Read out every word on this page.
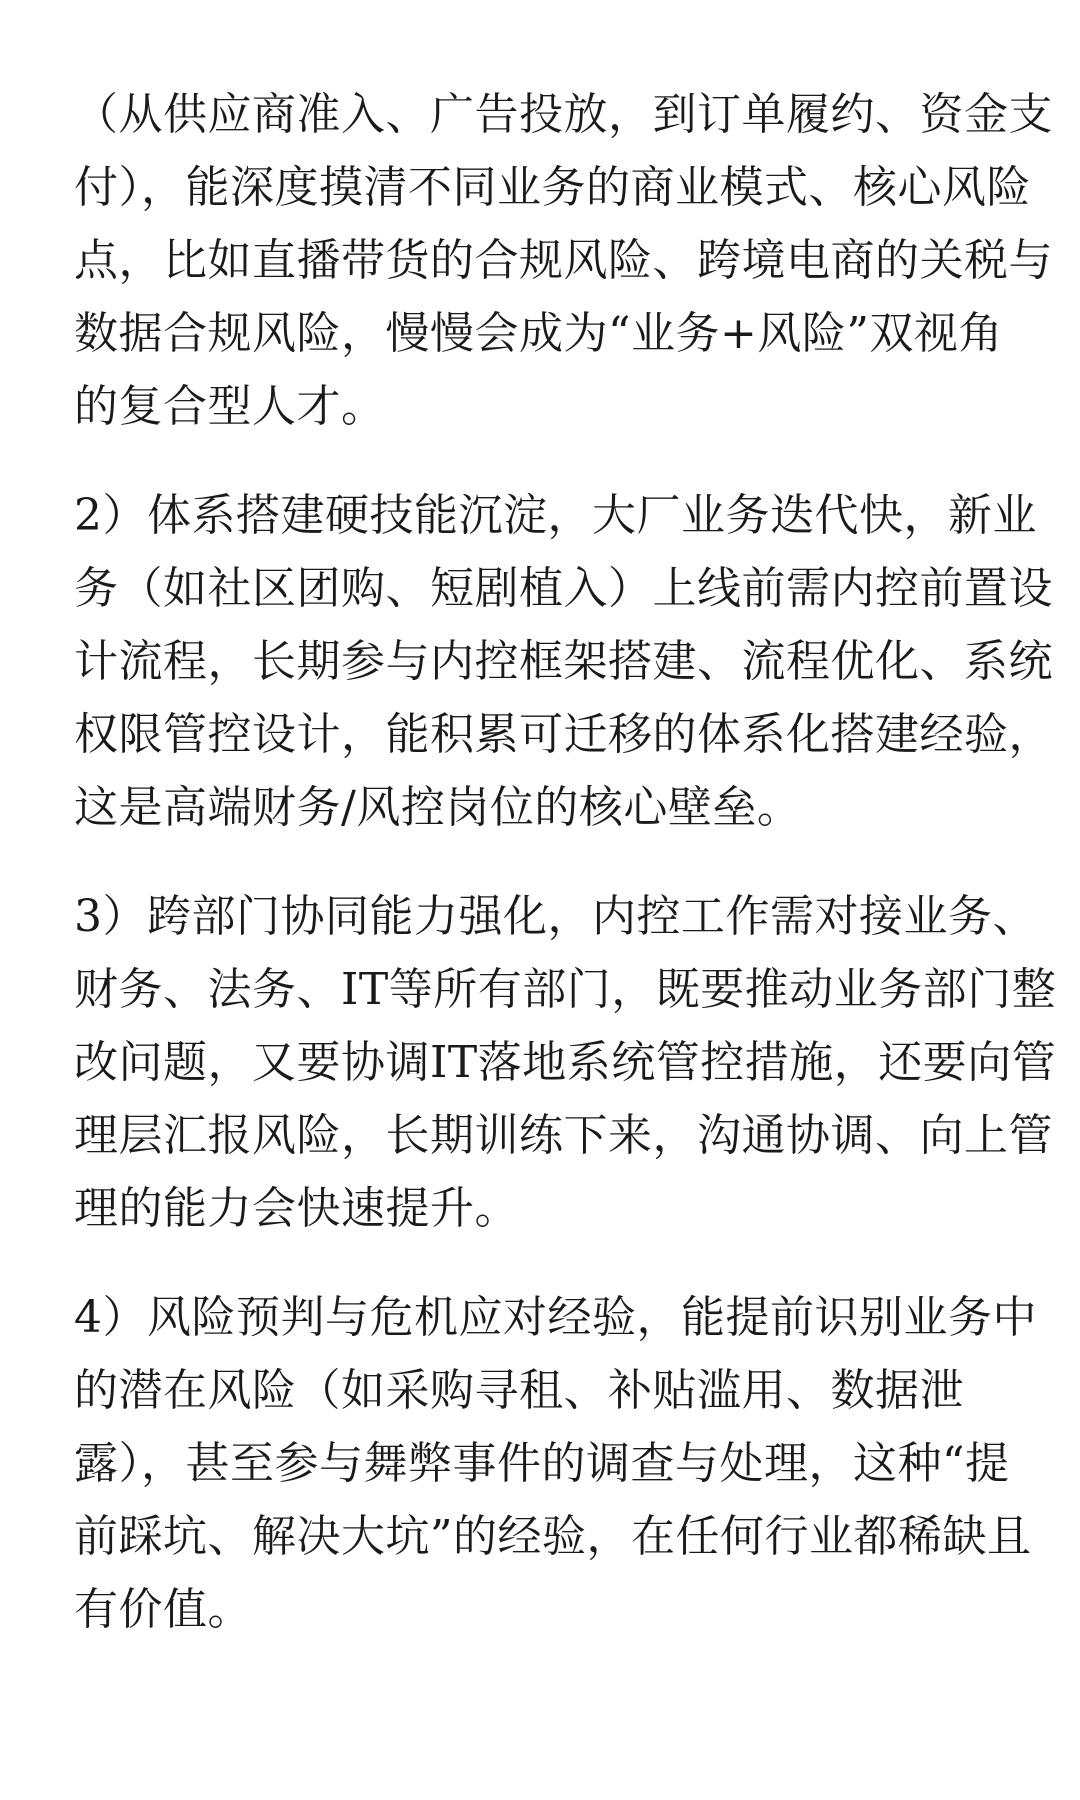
（从供应商准入、广告投放，到订单履约、资金支
付），能深度摸清不同业务的商业模式、核心风险
点，比如直播带货的合规风险、跨境电商的关税与
数据合规风险，慢慢会成为“业务+风险”双视角
的复合型人才。
2）体系搭建硬技能沉淀，大厂业务迭代快，新业
务（如社区团购、短剧植入）上线前需内控前置设
计流程，长期参与内控框架搭建、流程优化、系统
权限管控设计，能积累可迁移的体系化搭建经验，
这是高端财务/风控岗位的核心壁垒。
3）跨部门协同能力强化，内控工作需对接业务、
财务、法务、IT等所有部门，既要推动业务部门整
改问题，又要协调IT落地系统管控措施，还要向管
理层汇报风险，长期训练下来，沟通协调、向上管
理的能力会快速提升。
4）风险预判与危机应对经验，能提前识别业务中
的潜在风险（如采购寻租、补贴滥用、数据泄
露），甚至参与舞弊事件的调查与处理，这种“提
前踩坑、解决大坑”的经验，在任何行业都稀缺且
有价值。
